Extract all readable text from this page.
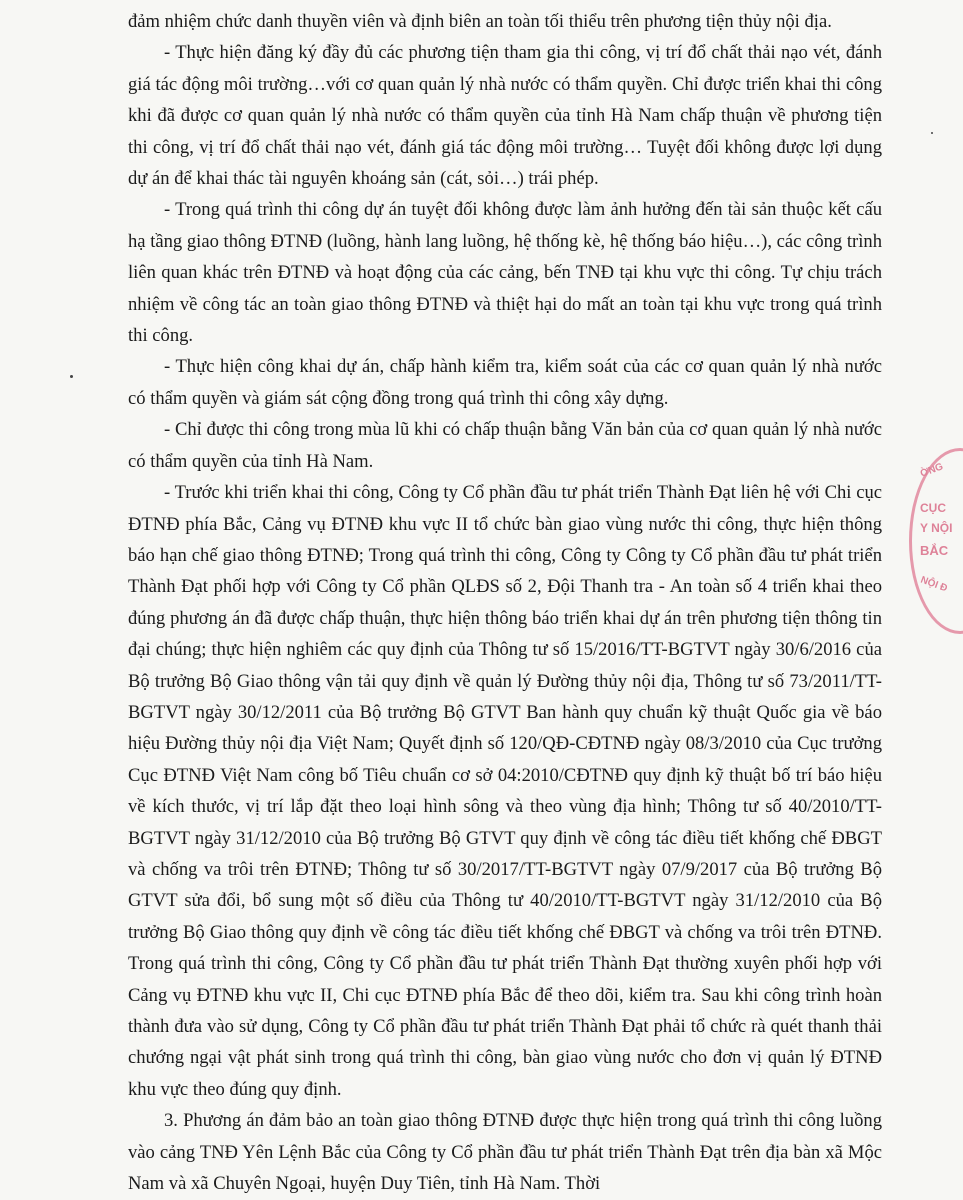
đảm nhiệm chức danh thuyền viên và định biên an toàn tối thiểu trên phương tiện thủy nội địa.

- Thực hiện đăng ký đầy đủ các phương tiện tham gia thi công, vị trí đổ chất thải nạo vét, đánh giá tác động môi trường…với cơ quan quản lý nhà nước có thẩm quyền. Chỉ được triển khai thi công khi đã được cơ quan quản lý nhà nước có thẩm quyền của tỉnh Hà Nam chấp thuận về phương tiện thi công, vị trí đổ chất thải nạo vét, đánh giá tác động môi trường… Tuyệt đối không được lợi dụng dự án để khai thác tài nguyên khoáng sản (cát, sỏi…) trái phép.

- Trong quá trình thi công dự án tuyệt đối không được làm ảnh hưởng đến tài sản thuộc kết cấu hạ tầng giao thông ĐTNĐ (luồng, hành lang luồng, hệ thống kè, hệ thống báo hiệu…), các công trình liên quan khác trên ĐTNĐ và hoạt động của các cảng, bến TNĐ tại khu vực thi công. Tự chịu trách nhiệm về công tác an toàn giao thông ĐTNĐ và thiệt hại do mất an toàn tại khu vực trong quá trình thi công.

- Thực hiện công khai dự án, chấp hành kiểm tra, kiểm soát của các cơ quan quản lý nhà nước có thẩm quyền và giám sát cộng đồng trong quá trình thi công xây dựng.

- Chỉ được thi công trong mùa lũ khi có chấp thuận bằng Văn bản của cơ quan quản lý nhà nước có thẩm quyền của tỉnh Hà Nam.

- Trước khi triển khai thi công, Công ty Cổ phần đầu tư phát triển Thành Đạt liên hệ với Chi cục ĐTNĐ phía Bắc, Cảng vụ ĐTNĐ khu vực II tổ chức bàn giao vùng nước thi công, thực hiện thông báo hạn chế giao thông ĐTNĐ; Trong quá trình thi công, Công ty Công ty Cổ phần đầu tư phát triển Thành Đạt phối hợp với Công ty Cổ phần QLĐS số 2, Đội Thanh tra - An toàn số 4 triển khai theo đúng phương án đã được chấp thuận, thực hiện thông báo triển khai dự án trên phương tiện thông tin đại chúng; thực hiện nghiêm các quy định của Thông tư số 15/2016/TT-BGTVT ngày 30/6/2016 của Bộ trưởng Bộ Giao thông vận tải quy định về quản lý Đường thủy nội địa, Thông tư số 73/2011/TT-BGTVT ngày 30/12/2011 của Bộ trưởng Bộ GTVT Ban hành quy chuẩn kỹ thuật Quốc gia về báo hiệu Đường thủy nội địa Việt Nam; Quyết định số 120/QĐ-CĐTNĐ ngày 08/3/2010 của Cục trưởng Cục ĐTNĐ Việt Nam công bố Tiêu chuẩn cơ sở 04:2010/CĐTNĐ quy định kỹ thuật bố trí báo hiệu về kích thước, vị trí lắp đặt theo loại hình sông và theo vùng địa hình; Thông tư số 40/2010/TT-BGTVT ngày 31/12/2010 của Bộ trưởng Bộ GTVT quy định về công tác điều tiết khống chế ĐBGT và chống va trôi trên ĐTNĐ; Thông tư số 30/2017/TT-BGTVT ngày 07/9/2017 của Bộ trưởng Bộ GTVT sửa đổi, bổ sung một số điều của Thông tư 40/2010/TT-BGTVT ngày 31/12/2010 của Bộ trưởng Bộ Giao thông quy định về công tác điều tiết khống chế ĐBGT và chống va trôi trên ĐTNĐ. Trong quá trình thi công, Công ty Cổ phần đầu tư phát triển Thành Đạt thường xuyên phối hợp với Cảng vụ ĐTNĐ khu vực II, Chi cục ĐTNĐ phía Bắc để theo dõi, kiểm tra. Sau khi công trình hoàn thành đưa vào sử dụng, Công ty Cổ phần đầu tư phát triển Thành Đạt phải tổ chức rà quét thanh thải chướng ngại vật phát sinh trong quá trình thi công, bàn giao vùng nước cho đơn vị quản lý ĐTNĐ khu vực theo đúng quy định.

3. Phương án đảm bảo an toàn giao thông ĐTNĐ được thực hiện trong quá trình thi công luồng vào cảng TNĐ Yên Lệnh Bắc của Công ty Cổ phần đầu tư phát triển Thành Đạt trên địa bàn xã Mộc Nam và xã Chuyên Ngoại, huyện Duy Tiên, tỉnh Hà Nam. Thời

ỜNG
CỤC
Y NỘI
BẮC
NỘI Đ
